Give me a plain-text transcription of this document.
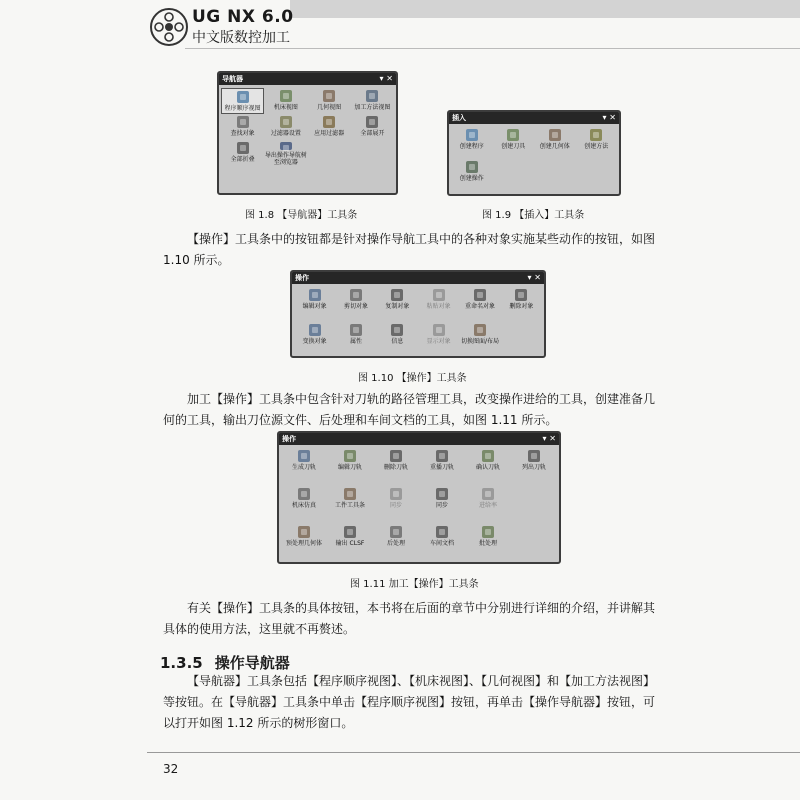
UG NX 6.0
中文版数控加工
导航器	▾ ✕
程序顺序视图 机床视图	几何视图 加工方法视图
查找对象	过滤器设置 应用过滤器	全部展开
全部折叠
导出操作导航树至浏览器
图 1.8 【导航器】工具条
插入	▾ ✕
创建程序	创建刀具 创建几何体 创建方法
创建操作
图 1.9 【插入】工具条
【操作】工具条中的按钮都是针对操作导航工具中的各种对象实施某些动作的按钮，如图 1.10 所示。
操作	▾ ✕
编辑对象	剪切对象	复制对象	粘贴对象 重命名对象 删除对象
变换对象	属性	信息	显示对象 切换图面/布局
图 1.10 【操作】工具条
加工【操作】工具条中包含针对刀轨的路径管理工具，改变操作进给的工具，创建准备几何的工具，输出刀位源文件、后处理和车间文档的工具，如图 1.11 所示。
操作	▾ ✕
生成刀轨	编辑刀轨	删除刀轨	重播刀轨	确认刀轨	列出刀轨
机床仿真	工件工具条	同步	同步	进给率
预处理几何体 输出 CLSF	后处理	车间文档	批处理
图 1.11 加工【操作】工具条
有关【操作】工具条的具体按钮，本书将在后面的章节中分别进行详细的介绍，并讲解其具体的使用方法，这里就不再赘述。
1.3.5 操作导航器
【导航器】工具条包括【程序顺序视图】、【机床视图】、【几何视图】和【加工方法视图】等按钮。在【导航器】工具条中单击【程序顺序视图】按钮，再单击【操作导航器】按钮，可以打开如图 1.12 所示的树形窗口。
32
